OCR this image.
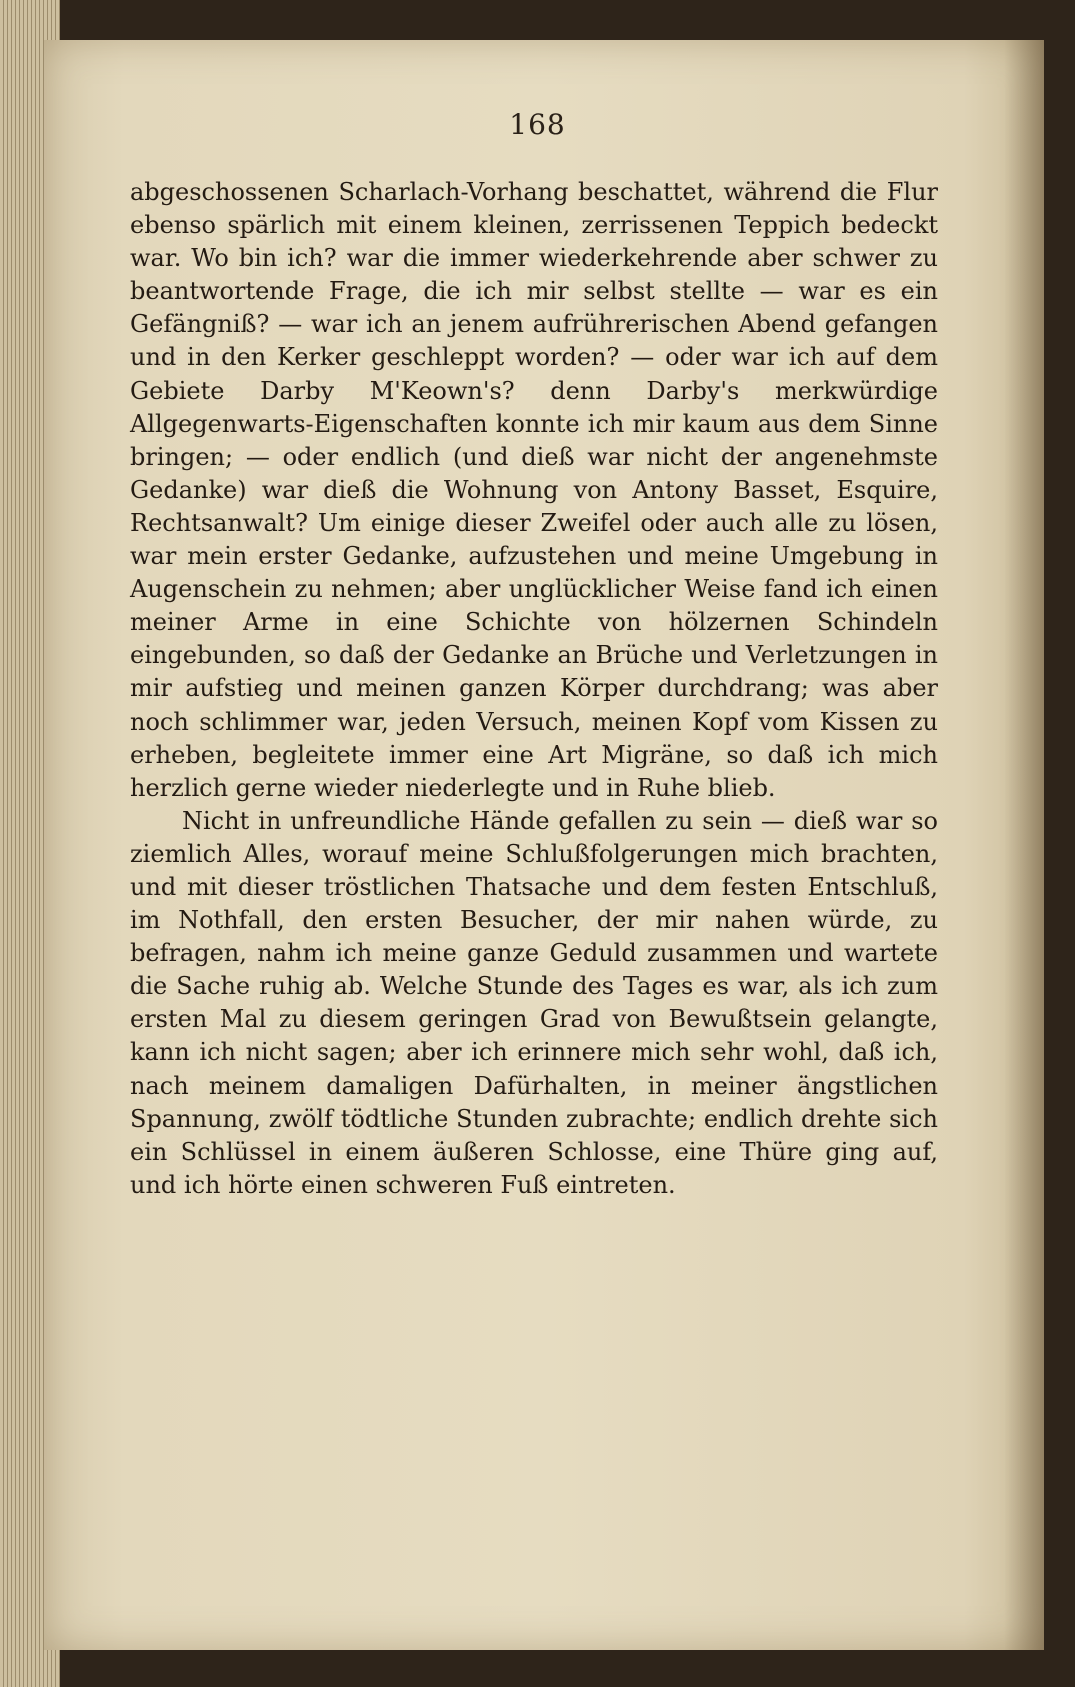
168

abgeschossenen Scharlach-Vorhang beschattet, während die Flur ebenso spärlich mit einem kleinen, zerrissenen Teppich bedeckt war. Wo bin ich? war die immer wiederkehrende aber schwer zu beantwortende Frage, die ich mir selbst stellte — war es ein Gefängniß? — war ich an jenem aufrührerischen Abend gefangen und in den Kerker geschleppt worden? — oder war ich auf dem Gebiete Darby M'Keown's? denn Darby's merkwürdige Allgegenwarts-Eigenschaften konnte ich mir kaum aus dem Sinne bringen; — oder endlich (und dieß war nicht der angenehmste Gedanke) war dieß die Wohnung von Antony Basset, Esquire, Rechtsanwalt? Um einige dieser Zweifel oder auch alle zu lösen, war mein erster Gedanke, aufzustehen und meine Umgebung in Augenschein zu nehmen; aber unglücklicher Weise fand ich einen meiner Arme in eine Schichte von hölzernen Schindeln eingebunden, so daß der Gedanke an Brüche und Verletzungen in mir aufstieg und meinen ganzen Körper durchdrang; was aber noch schlimmer war, jeden Versuch, meinen Kopf vom Kissen zu erheben, begleitete immer eine Art Migräne, so daß ich mich herzlich gerne wieder niederlegte und in Ruhe blieb.

Nicht in unfreundliche Hände gefallen zu sein — dieß war so ziemlich Alles, worauf meine Schlußfolgerungen mich brachten, und mit dieser tröstlichen Thatsache und dem festen Entschluß, im Nothfall, den ersten Besucher, der mir nahen würde, zu befragen, nahm ich meine ganze Geduld zusammen und wartete die Sache ruhig ab. Welche Stunde des Tages es war, als ich zum ersten Mal zu diesem geringen Grad von Bewußtsein gelangte, kann ich nicht sagen; aber ich erinnere mich sehr wohl, daß ich, nach meinem damaligen Dafürhalten, in meiner ängstlichen Spannung, zwölf tödtliche Stunden zubrachte; endlich drehte sich ein Schlüssel in einem äußeren Schlosse, eine Thüre ging auf, und ich hörte einen schweren Fuß eintreten.
